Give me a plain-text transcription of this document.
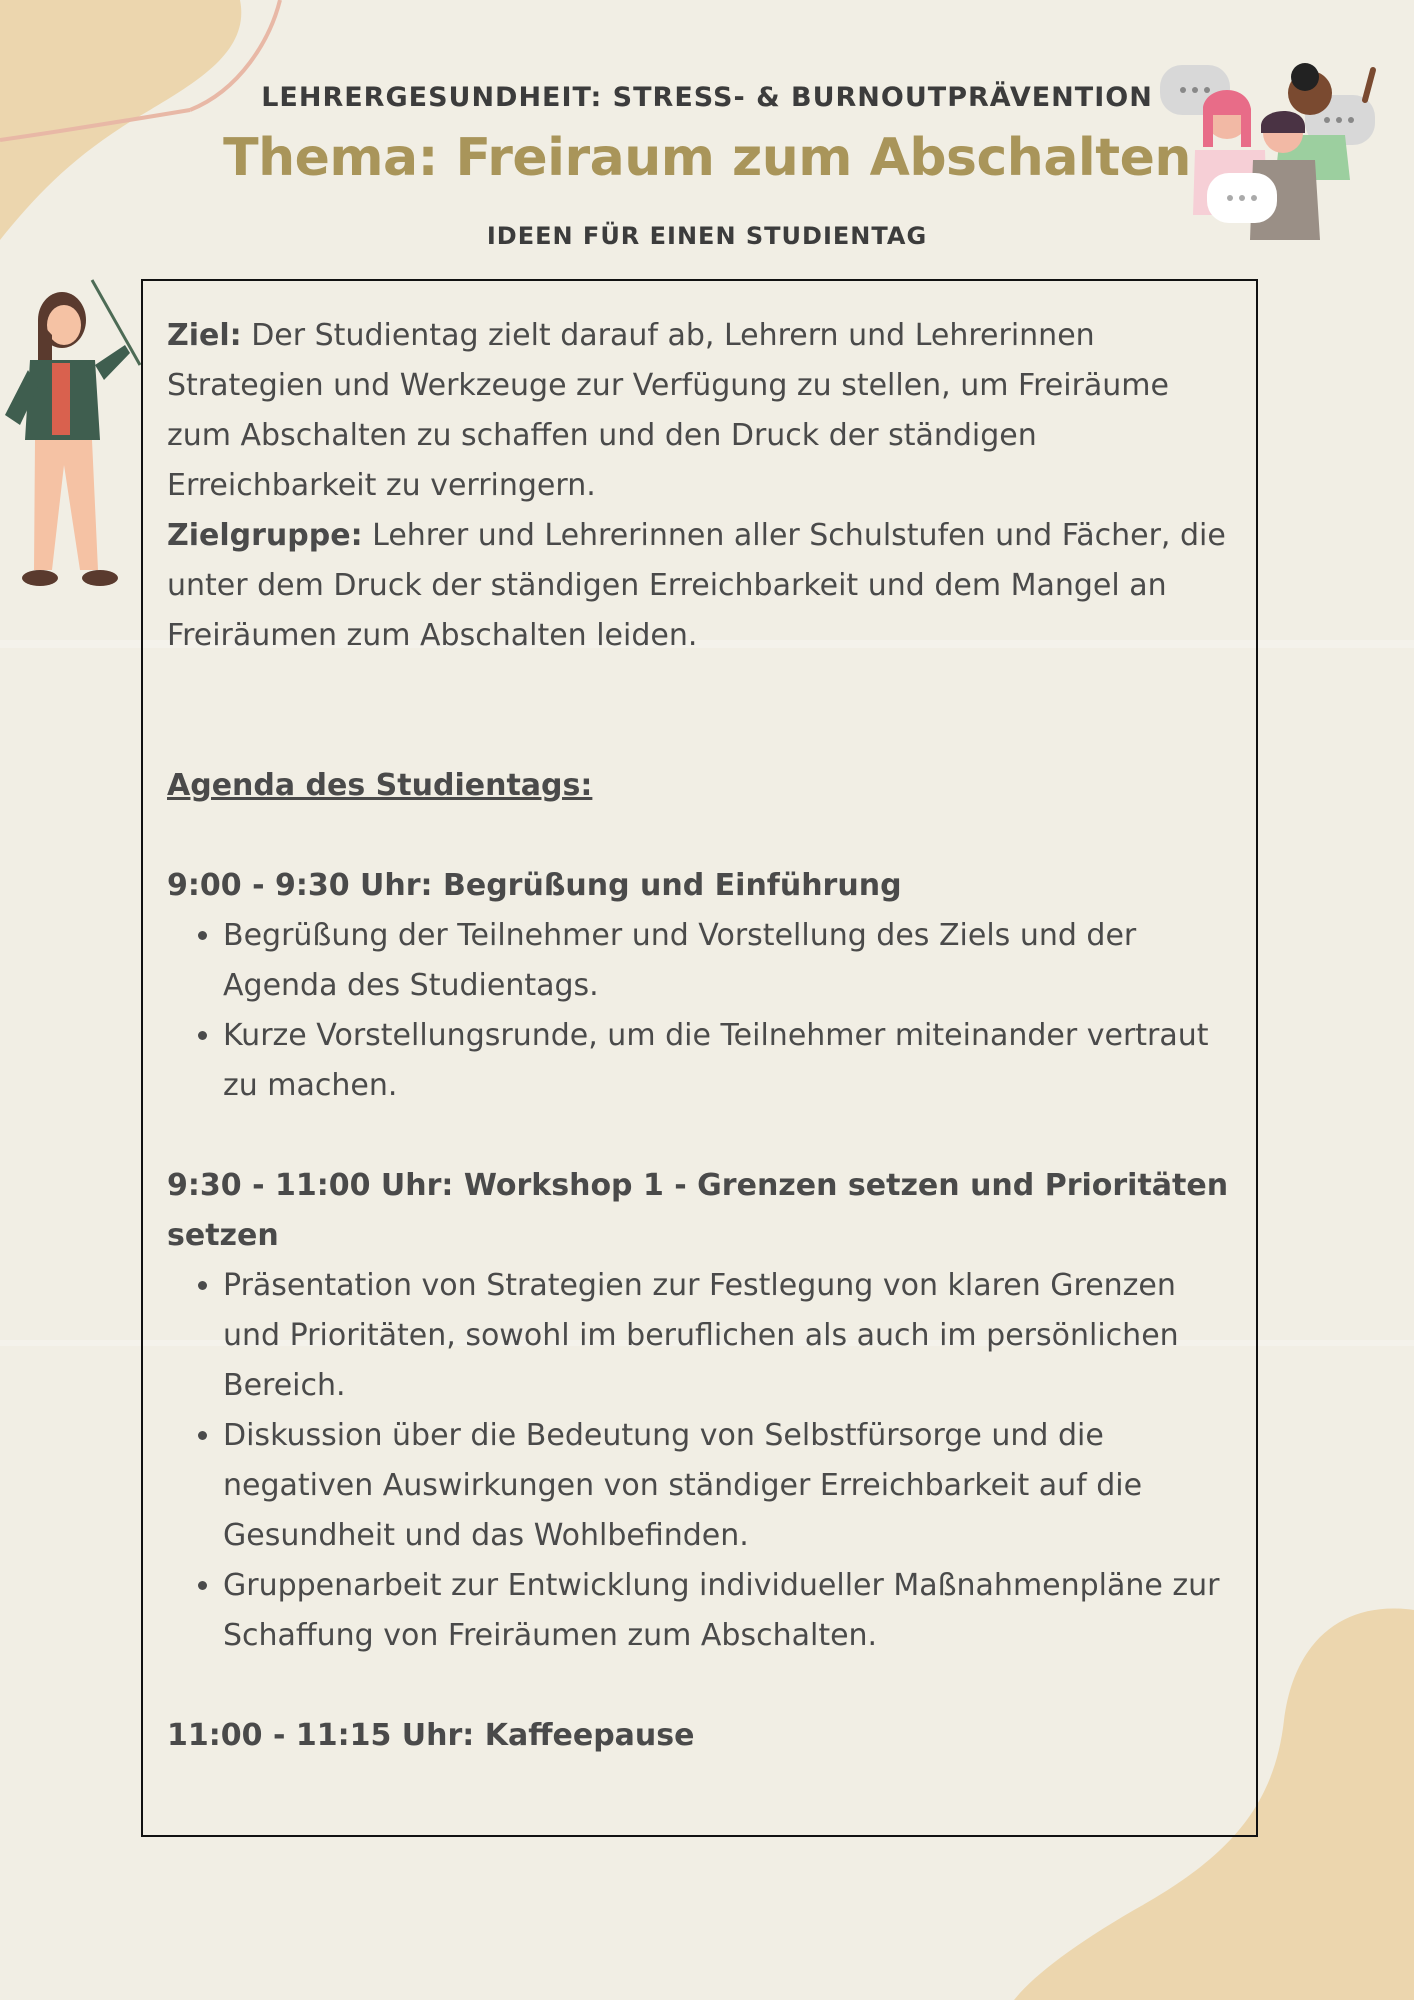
LEHRERGESUNDHEIT: STRESS- & BURNOUTPRÄVENTION
Thema: Freiraum zum Abschalten
IDEEN FÜR EINEN STUDIENTAG

Ziel: Der Studientag zielt darauf ab, Lehrern und Lehrerinnen Strategien und Werkzeuge zur Verfügung zu stellen, um Freiräume zum Abschalten zu schaffen und den Druck der ständigen Erreichbarkeit zu verringern.

Zielgruppe: Lehrer und Lehrerinnen aller Schulstufen und Fächer, die unter dem Druck der ständigen Erreichbarkeit und dem Mangel an Freiräumen zum Abschalten leiden.

Agenda des Studientags:

9:00 - 9:30 Uhr: Begrüßung und Einführung

• Begrüßung der Teilnehmer und Vorstellung des Ziels und der Agenda des Studientags.
• Kurze Vorstellungsrunde, um die Teilnehmer miteinander vertraut zu machen.

9:30 - 11:00 Uhr: Workshop 1 - Grenzen setzen und Prioritäten setzen

• Präsentation von Strategien zur Festlegung von klaren Grenzen und Prioritäten, sowohl im beruflichen als auch im persönlichen Bereich.
• Diskussion über die Bedeutung von Selbstfürsorge und die negativen Auswirkungen von ständiger Erreichbarkeit auf die Gesundheit und das Wohlbefinden.
• Gruppenarbeit zur Entwicklung individueller Maßnahmenpläne zur Schaffung von Freiräumen zum Abschalten.

11:00 - 11:15 Uhr: Kaffeepause
